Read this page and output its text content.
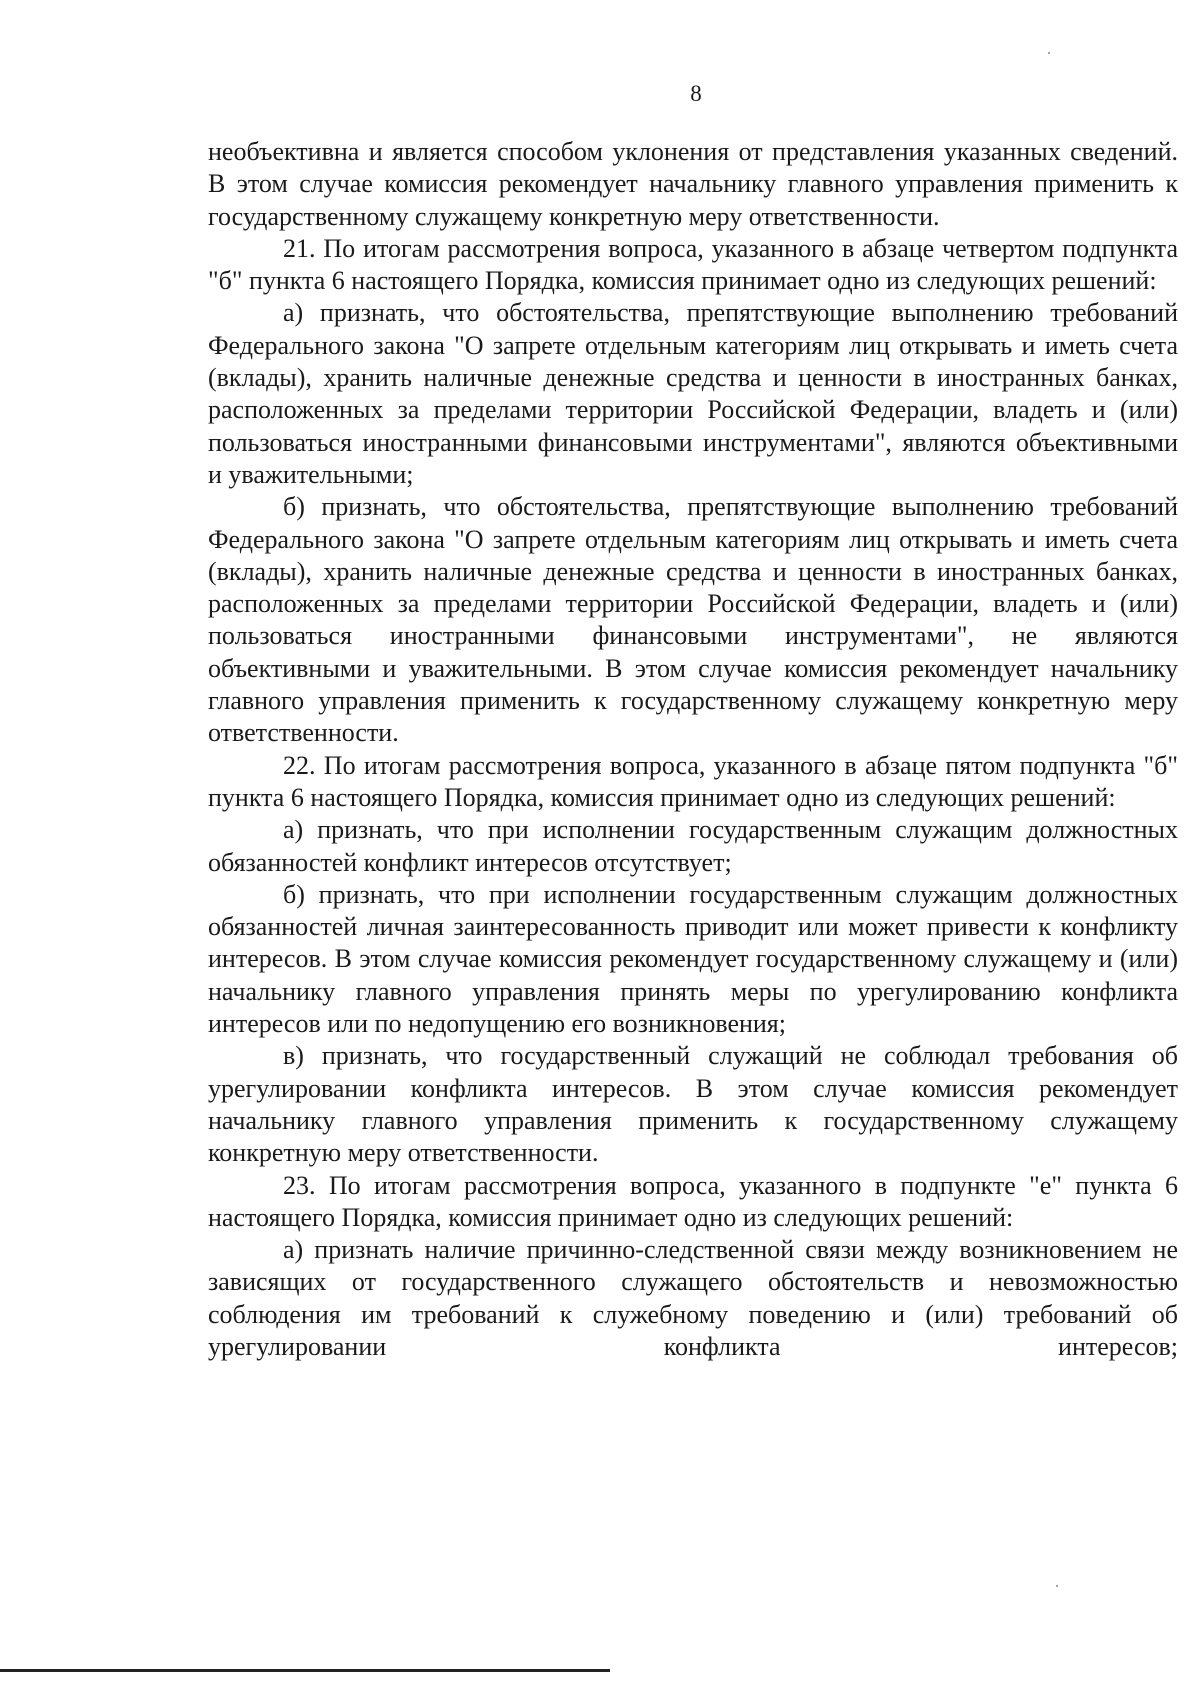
8

необъективна и является способом уклонения от представления указанных сведений. В этом случае комиссия рекомендует начальнику главного управления применить к государственному служащему конкретную меру ответственности.

21. По итогам рассмотрения вопроса, указанного в абзаце четвертом подпункта "б" пункта 6 настоящего Порядка, комиссия принимает одно из следующих решений:

а) признать, что обстоятельства, препятствующие выполнению требований Федерального закона "О запрете отдельным категориям лиц открывать и иметь счета (вклады), хранить наличные денежные средства и ценности в иностранных банках, расположенных за пределами территории Российской Федерации, владеть и (или) пользоваться иностранными финансовыми инструментами", являются объективными и уважительными;

б) признать, что обстоятельства, препятствующие выполнению требований Федерального закона "О запрете отдельным категориям лиц открывать и иметь счета (вклады), хранить наличные денежные средства и ценности в иностранных банках, расположенных за пределами территории Российской Федерации, владеть и (или) пользоваться иностранными финансовыми инструментами", не являются объективными и уважительными. В этом случае комиссия рекомендует начальнику главного управления применить к государственному служащему конкретную меру ответственности.

22. По итогам рассмотрения вопроса, указанного в абзаце пятом подпункта "б" пункта 6 настоящего Порядка, комиссия принимает одно из следующих решений:

а) признать, что при исполнении государственным служащим должностных обязанностей конфликт интересов отсутствует;

б) признать, что при исполнении государственным служащим должностных обязанностей личная заинтересованность приводит или может привести к конфликту интересов. В этом случае комиссия рекомендует государственному служащему и (или) начальнику главного управления принять меры по урегулированию конфликта интересов или по недопущению его возникновения;

в) признать, что государственный служащий не соблюдал требования об урегулировании конфликта интересов. В этом случае комиссия рекомендует начальнику главного управления применить к государственному служащему конкретную меру ответственности.

23. По итогам рассмотрения вопроса, указанного в подпункте "е" пункта 6 настоящего Порядка, комиссия принимает одно из следующих решений:

а) признать наличие причинно-следственной связи между возникновением не зависящих от государственного служащего обстоятельств и невозможностью соблюдения им требований к служебному поведению и (или) требований об урегулировании конфликта интересов;
